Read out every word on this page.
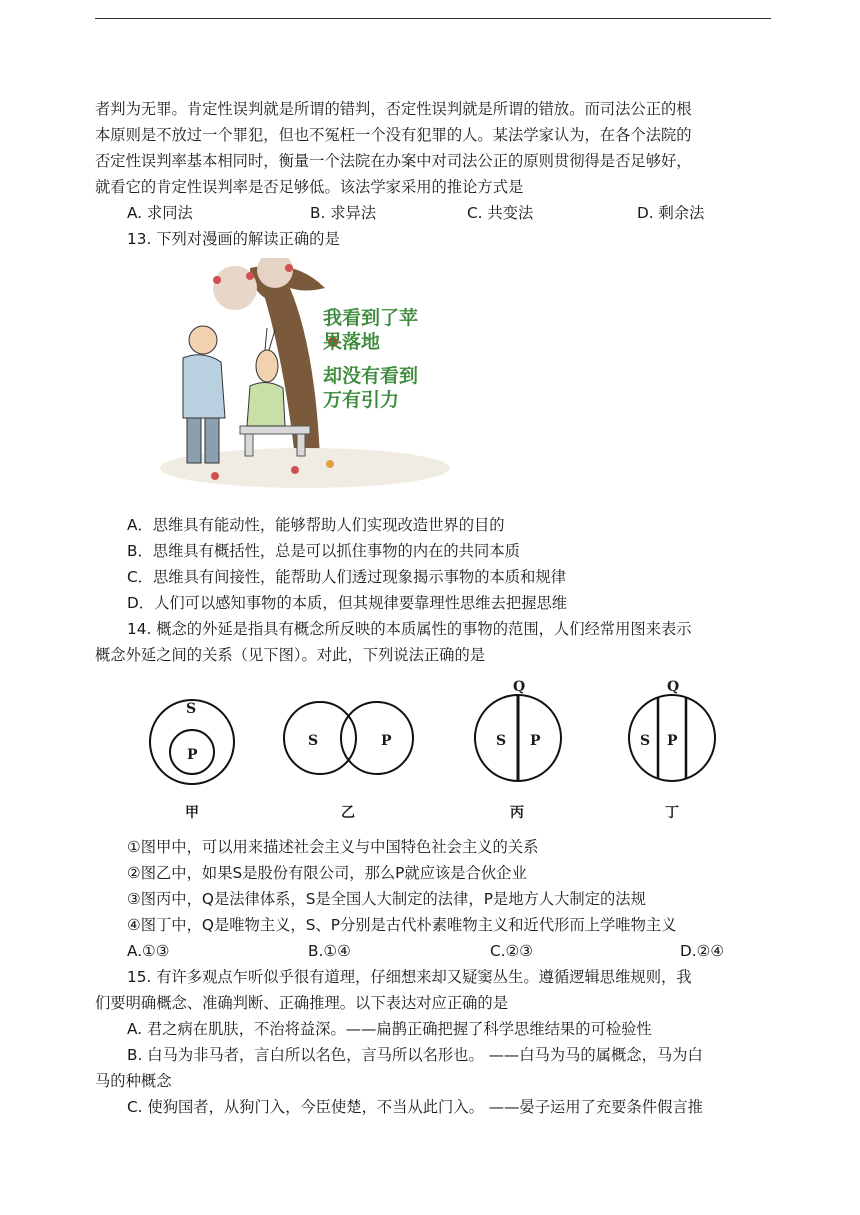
者判为无罪。肯定性误判就是所谓的错判，否定性误判就是所谓的错放。而司法公正的根
本原则是不放过一个罪犯，但也不冤枉一个没有犯罪的人。某法学家认为，在各个法院的
否定性误判率基本相同时，衡量一个法院在办案中对司法公正的原则贯彻得是否足够好，
就看它的肯定性误判率是否足够低。该法学家采用的推论方式是
A. 求同法	B. 求异法	C. 共变法	D. 剩余法
13. 下列对漫画的解读正确的是
我看到了苹
果落地
却没有看到
万有引力
A．思维具有能动性，能够帮助人们实现改造世界的目的
B．思维具有概括性，总是可以抓住事物的内在的共同本质
C．思维具有间接性，能帮助人们透过现象揭示事物的本质和规律
D．人们可以感知事物的本质，但其规律要靠理性思维去把握思维
14. 概念的外延是指具有概念所反映的本质属性的事物的范围，人们经常用图来表示
概念外延之间的关系（见下图）。对此，下列说法正确的是
S
P
甲
S	P
乙
Q
S P
丙
Q
S P
丁
①图甲中，可以用来描述社会主义与中国特色社会主义的关系
②图乙中，如果S是股份有限公司，那么P就应该是合伙企业
③图丙中，Q是法律体系，S是全国人大制定的法律，P是地方人大制定的法规
④图丁中，Q是唯物主义，S、P分别是古代朴素唯物主义和近代形而上学唯物主义
A.①③	B.①④	C.②③	D.②④
15. 有许多观点乍听似乎很有道理，仔细想来却又疑窦丛生。遵循逻辑思维规则，我
们要明确概念、准确判断、正确推理。以下表达对应正确的是
A. 君之病在肌肤，不治将益深。——扁鹊正确把握了科学思维结果的可检验性
B. 白马为非马者，言白所以名色，言马所以名形也。 ——白马为马的属概念，马为白
马的种概念
C. 使狗国者，从狗门入，今臣使楚，不当从此门入。 ——晏子运用了充要条件假言推
